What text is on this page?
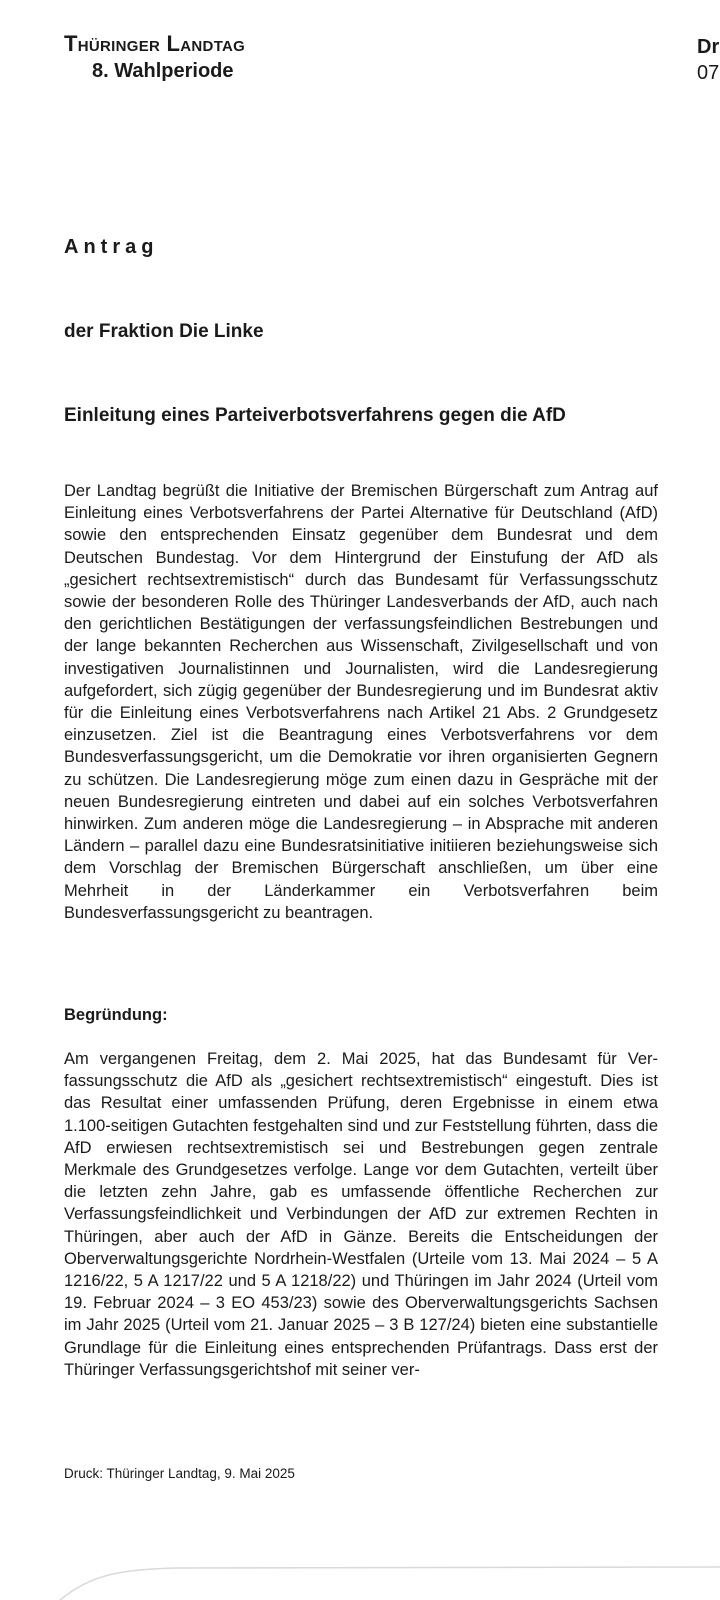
Thüringer Landtag

8. Wahlperiode

Dr
07

Antrag

der Fraktion Die Linke

Einleitung eines Parteiverbotsverfahrens gegen die AfD

Der Landtag begrüßt die Initiative der Bremischen Bürgerschaft zum Antrag auf Einleitung eines Verbotsverfahrens der Partei Alternative für Deutschland (AfD) sowie den entsprechenden Einsatz gegenüber dem Bundesrat und dem Deutschen Bundestag. Vor dem Hintergrund der Einstufung der AfD als „gesichert rechtsextremistisch“ durch das Bundesamt für Verfassungsschutz sowie der besonderen Rolle des Thüringer Landesverbands der AfD, auch nach den gerichtlichen Bestätigungen der verfassungsfeindlichen Bestrebungen und der lange bekannten Recherchen aus Wissenschaft, Zivilgesellschaft und von investigativen Journalistinnen und Journalisten, wird die Landesregierung aufgefordert, sich zügig gegenüber der Bundesregierung und im Bundesrat aktiv für die Einleitung eines Verbotsverfahrens nach Artikel 21 Abs. 2 Grundgesetz einzusetzen. Ziel ist die Beantragung eines Verbotsverfahrens vor dem Bundesverfassungsgericht, um die Demokratie vor ihren organisierten Gegnern zu schützen. Die Landesregierung möge zum einen dazu in Gespräche mit der neuen Bundesregierung eintreten und dabei auf ein solches Verbotsverfahren hinwirken. Zum anderen möge die Landesregierung – in Absprache mit anderen Ländern – parallel dazu eine Bundesratsinitiative initiieren beziehungsweise sich dem Vorschlag der Bremischen Bürgerschaft anschließen, um über eine Mehrheit in der Länderkammer ein Verbotsverfahren beim Bundesverfassungsgericht zu beantragen.

Begründung:

Am vergangenen Freitag, dem 2. Mai 2025, hat das Bundesamt für Verfassungsschutz die AfD als „gesichert rechtsextremistisch“ eingestuft. Dies ist das Resultat einer umfassenden Prüfung, deren Ergebnisse in einem etwa 1.100-seitigen Gutachten festgehalten sind und zur Feststellung führten, dass die AfD erwiesen rechtsextremistisch sei und Bestrebungen gegen zentrale Merkmale des Grundgesetzes verfolge. Lange vor dem Gutachten, verteilt über die letzten zehn Jahre, gab es umfassende öffentliche Recherchen zur Verfassungsfeindlichkeit und Verbindungen der AfD zur extremen Rechten in Thüringen, aber auch der AfD in Gänze. Bereits die Entscheidungen der Oberverwaltungsgerichte Nordrhein-Westfalen (Urteile vom 13. Mai 2024 – 5 A 1216/22, 5 A 1217/22 und 5 A 1218/22) und Thüringen im Jahr 2024 (Urteil vom 19. Februar 2024 – 3 EO 453/23) sowie des Oberverwaltungsgerichts Sachsen im Jahr 2025 (Urteil vom 21. Januar 2025 – 3 B 127/24) bieten eine substantielle Grundlage für die Einleitung eines entsprechenden Prüfantrags. Dass erst der Thüringer Verfassungsgerichtshof mit seiner ver-

Druck: Thüringer Landtag, 9. Mai 2025
